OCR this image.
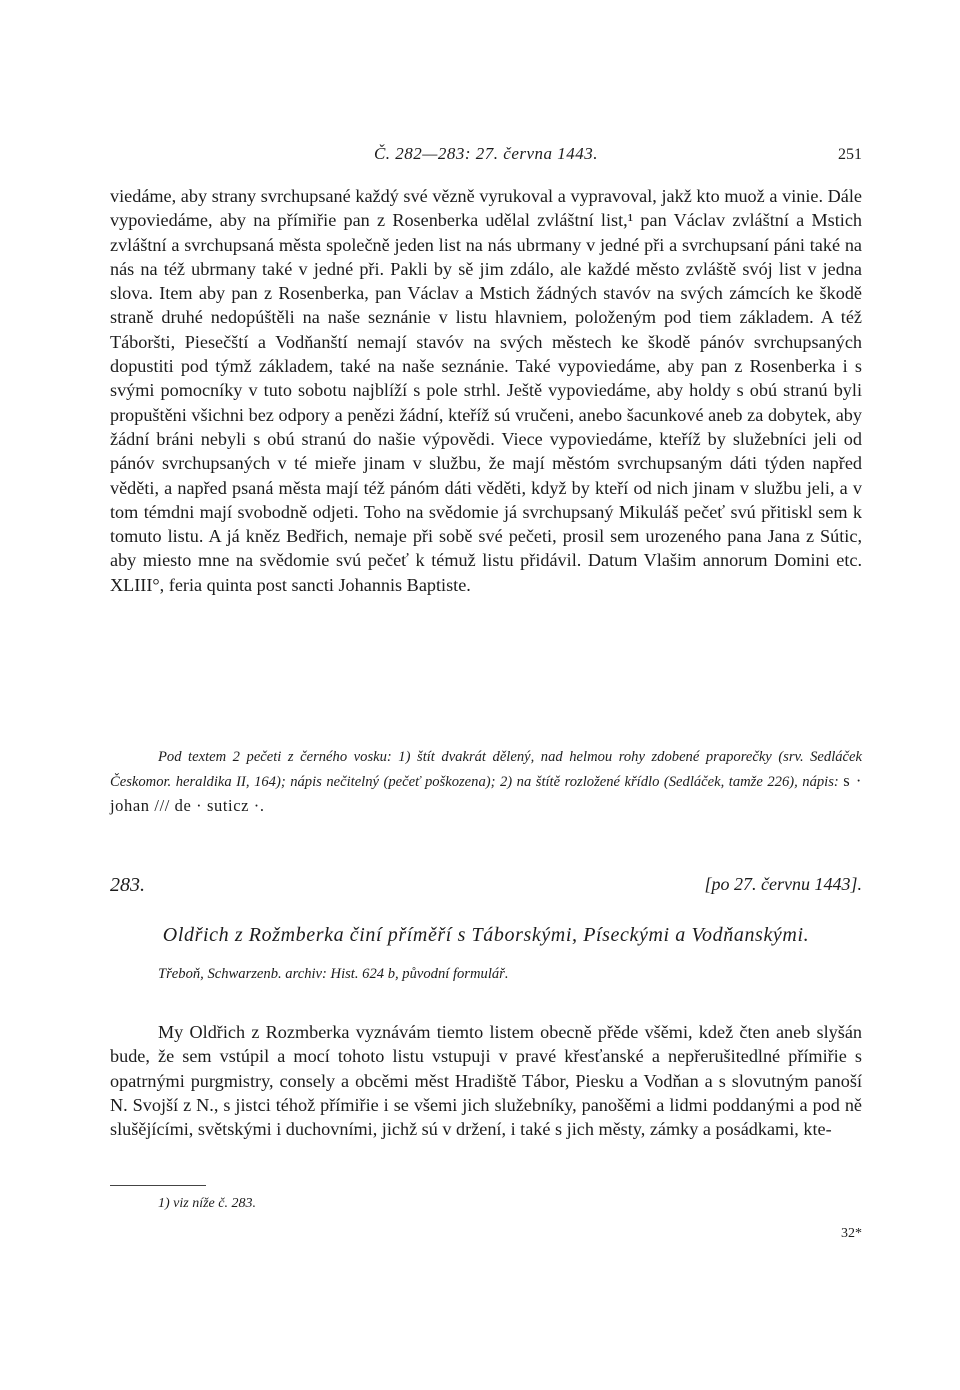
Č. 282—283: 27. června 1443.	251

viedáme, aby strany svrchupsané každý své vězně vyrukoval a vypravoval, jakž kto muož a vinie. Dále vypoviedáme, aby na přímiřie pan z Rosenberka udělal zvláštní list,¹ pan Václav zvláštní a Mstich zvláštní a svrchupsaná města společně jeden list na nás ubrmany v jedné při a svrchupsaní páni také na nás na též ubrmany také v jedné při. Pakli by sě jim zdálo, ale každé město zvláště svój list v jedna slova. Item aby pan z Rosenberka, pan Václav a Mstich žádných stavóv na svých zámcích ke škodě straně druhé nedopúštěli na naše seznánie v listu hlavniem, položeným pod tiem základem. A též Táboršti, Piesečští a Vodňanští nemají stavóv na svých městech ke škodě pánóv svrchupsaných dopustiti pod týmž základem, také na naše seznánie. Také vypoviedáme, aby pan z Rosenberka i s svými pomocníky v tuto sobotu najblíží s pole strhl. Ještě vypoviedáme, aby holdy s obú stranú byli propuštěni všichni bez odpory a penězi žádní, kteříž sú vručeni, anebo šacunkové aneb za dobytek, aby žádní bráni nebyli s obú stranú do našie výpovědi. Viece vypoviedáme, kteříž by služebníci jeli od pánóv svrchupsaných v té mieře jinam v službu, že mají městóm svrchupsaným dáti týden napřed věděti, a napřed psaná města mají též pánóm dáti věděti, když by kteří od nich jinam v službu jeli, a v tom témdni mají svobodně odjeti. Toho na svědomie já svrchupsaný Mikuláš pečeť svú přitiskl sem k tomuto listu. A já kněz Bedřich, nemaje při sobě své pečeti, prosil sem urozeného pana Jana z Sútic, aby miesto mne na svědomie svú pečeť k témuž listu přidávil. Datum Vlašim annorum Domini etc. XLIII°, feria quinta post sancti Johannis Baptiste.

Pod textem 2 pečeti z černého vosku: 1) štít dvakrát dělený, nad helmou rohy zdobené praporečky (srv. Sedláček Českomor. heraldika II, 164); nápis nečitelný (pečeť poškozena); 2) na štítě rozložené křídlo (Sedláček, tamže 226), nápis: s · johan /// de · suticz ·.

283.	[po 27. červnu 1443].

Oldřich z Rožmberka činí příměří s Táborskými, Píseckými a Vodňanskými.

Třeboň, Schwarzenb. archiv: Hist. 624 b, původní formulář.

My Oldřich z Rozmberka vyznávám tiemto listem obecně přěde všěmi, kdež čten aneb slyšán bude, že sem vstúpil a mocí tohoto listu vstupuji v pravé křesťanské a nepřerušitedlné přímiřie s opatrnými purgmistry, consely a obcěmi měst Hradiště Tábor, Piesku a Vodňan a s slovutným panoší N. Svojší z N., s jistci téhož přímiřie i se všemi jich služebníky, panošěmi a lidmi poddanými a pod ně slušějícími, světskými i duchovními, jichž sú v držení, i také s jich městy, zámky a posádkami, kte-

1) viz níže č. 283.

32*
